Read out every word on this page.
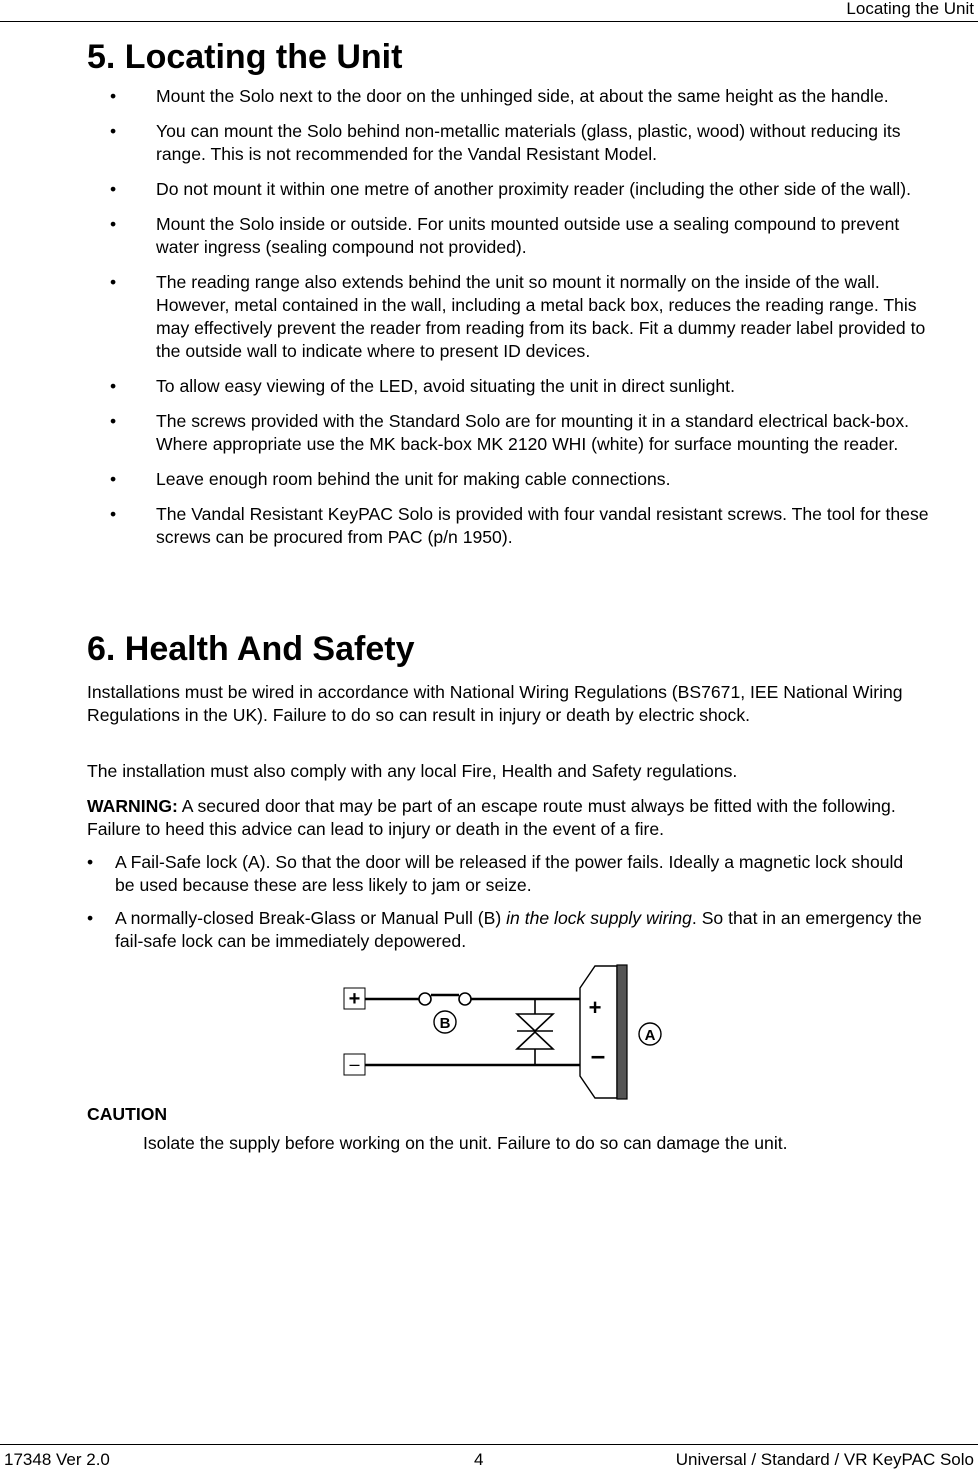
Locating the Unit
5. Locating the Unit
• Mount the Solo next to the door on the unhinged side, at about the same height as the handle.
• You can mount the Solo behind non-metallic materials (glass, plastic, wood) without reducing its range. This is not recommended for the Vandal Resistant Model.
• Do not mount it within one metre of another proximity reader (including the other side of the wall).
• Mount the Solo inside or outside. For units mounted outside use a sealing compound to prevent water ingress (sealing compound not provided).
• The reading range also extends behind the unit so mount it normally on the inside of the wall. However, metal contained in the wall, including a metal back box, reduces the reading range. This may effectively prevent the reader from reading from its back. Fit a dummy reader label provided to the outside wall to indicate where to present ID devices.
• To allow easy viewing of the LED, avoid situating the unit in direct sunlight.
• The screws provided with the Standard Solo are for mounting it in a standard electrical back-box. Where appropriate use the MK back-box MK 2120 WHI (white) for surface mounting the reader.
• Leave enough room behind the unit for making cable connections.
• The Vandal Resistant KeyPAC Solo is provided with four vandal resistant screws. The tool for these screws can be procured from PAC (p/n 1950).
6. Health And Safety

Installations must be wired in accordance with National Wiring Regulations (BS7671, IEE National Wiring Regulations in the UK). Failure to do so can result in injury or death by electric shock.

The installation must also comply with any local Fire, Health and Safety regulations.

WARNING: A secured door that may be part of an escape route must always be fitted with the following. Failure to heed this advice can lead to injury or death in the event of a fire.

• A Fail-Safe lock (A). So that the door will be released if the power fails. Ideally a magnetic lock should be used because these are less likely to jam or seize.
• A normally-closed Break-Glass or Manual Pull (B) in the lock supply wiring. So that in an emergency the fail-safe lock can be immediately depowered.
+
–
B
+
–
A
CAUTION
Isolate the supply before working on the unit. Failure to do so can damage the unit.
17348 Ver 2.0	4	Universal / Standard / VR KeyPAC Solo
